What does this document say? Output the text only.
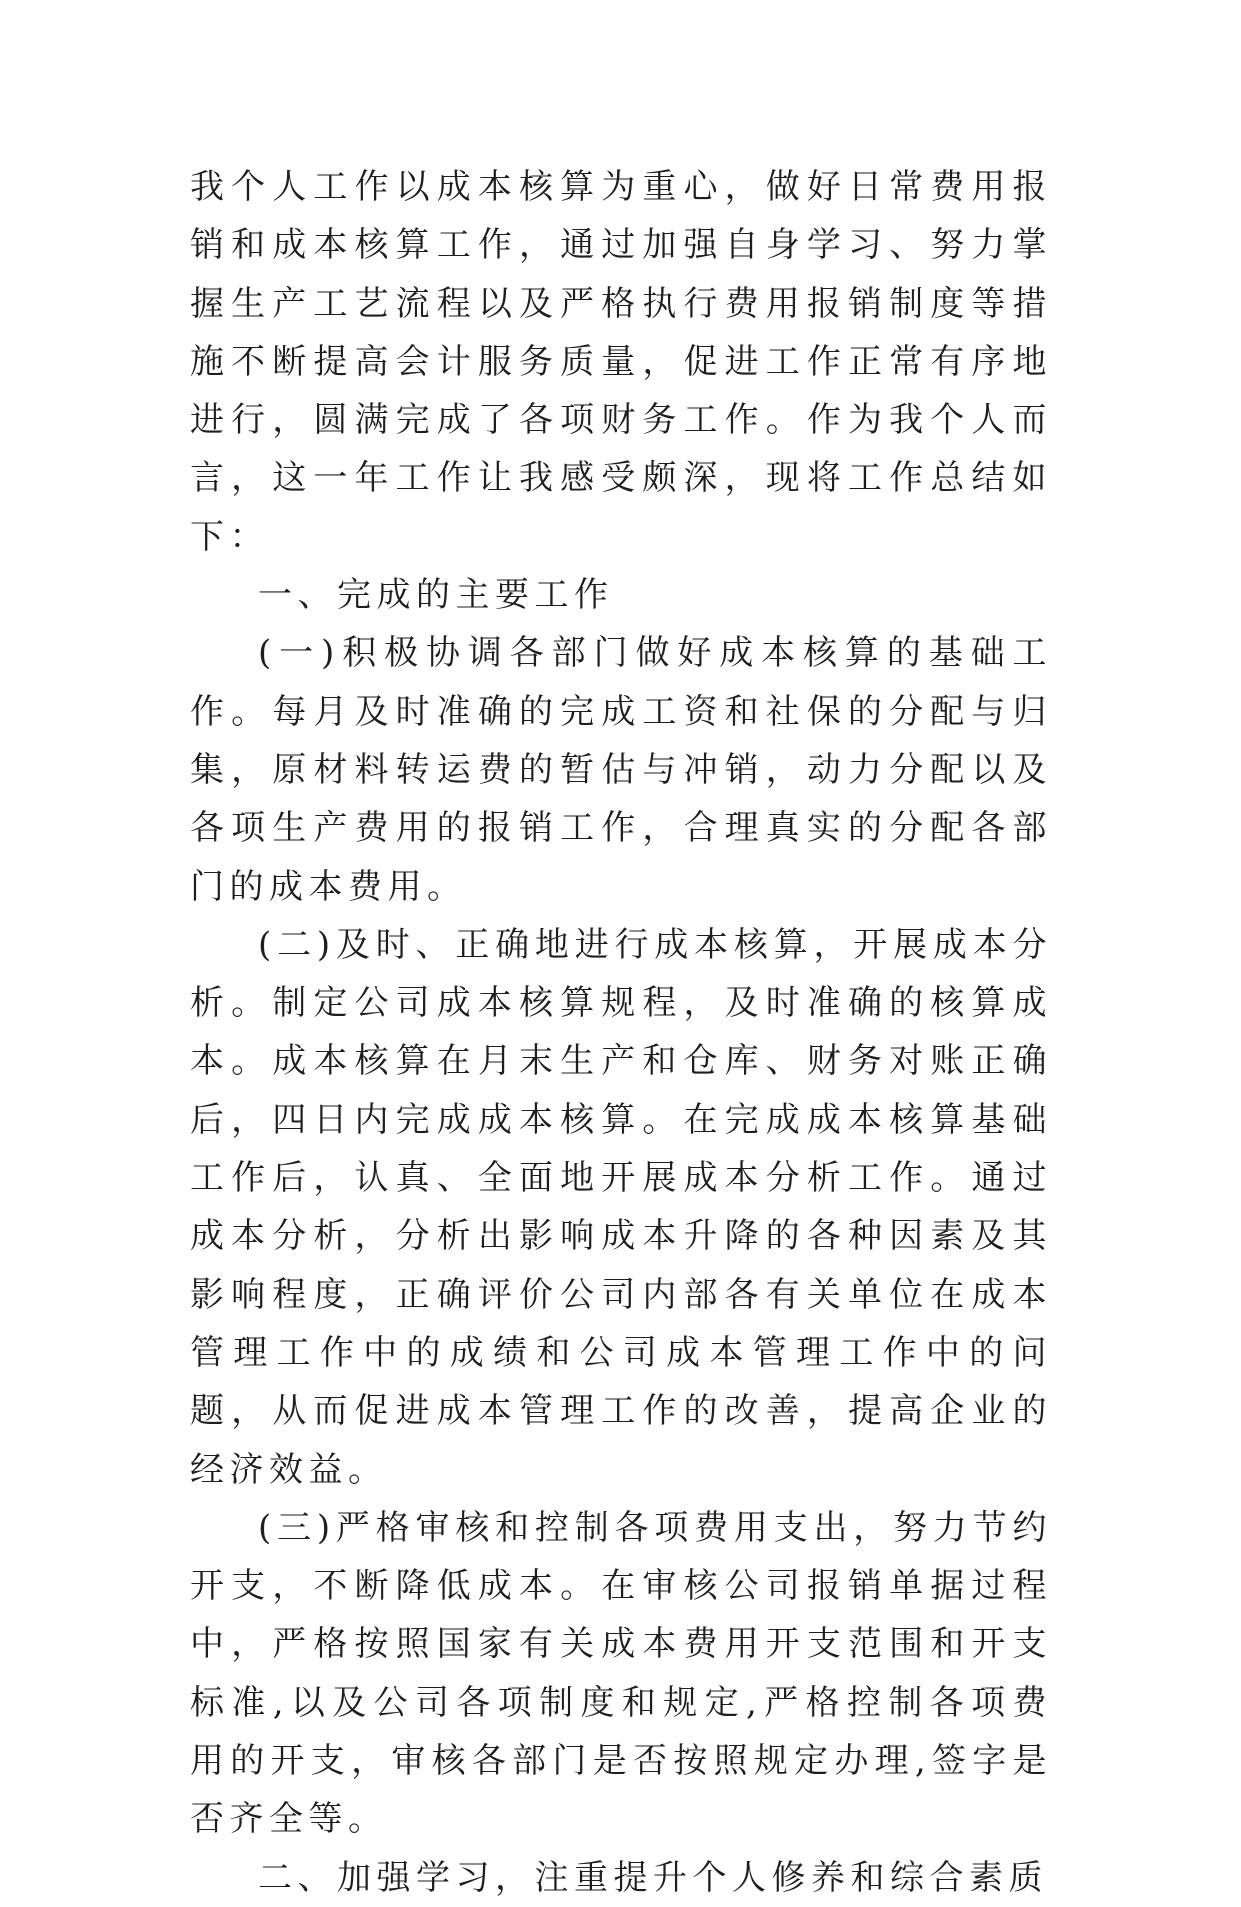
我个人工作以成本核算为重心，做好日常费用报销和成本核算工作，通过加强自身学习、努力掌握生产工艺流程以及严格执行费用报销制度等措施不断提高会计服务质量，促进工作正常有序地进行，圆满完成了各项财务工作。作为我个人而言，这一年工作让我感受颇深，现将工作总结如下：

一、完成的主要工作

(一)积极协调各部门做好成本核算的基础工作。每月及时准确的完成工资和社保的分配与归集，原材料转运费的暂估与冲销，动力分配以及各项生产费用的报销工作，合理真实的分配各部门的成本费用。

(二)及时、正确地进行成本核算，开展成本分析。制定公司成本核算规程，及时准确的核算成本。成本核算在月末生产和仓库、财务对账正确后，四日内完成成本核算。在完成成本核算基础工作后，认真、全面地开展成本分析工作。通过成本分析，分析出影响成本升降的各种因素及其影响程度，正确评价公司内部各有关单位在成本管理工作中的成绩和公司成本管理工作中的问题，从而促进成本管理工作的改善，提高企业的经济效益。

(三)严格审核和控制各项费用支出，努力节约开支，不断降低成本。在审核公司报销单据过程中，严格按照国家有关成本费用开支范围和开支标准,以及公司各项制度和规定,严格控制各项费用的开支，审核各部门是否按照规定办理,签字是否齐全等。

二、加强学习，注重提升个人修养和综合素质
